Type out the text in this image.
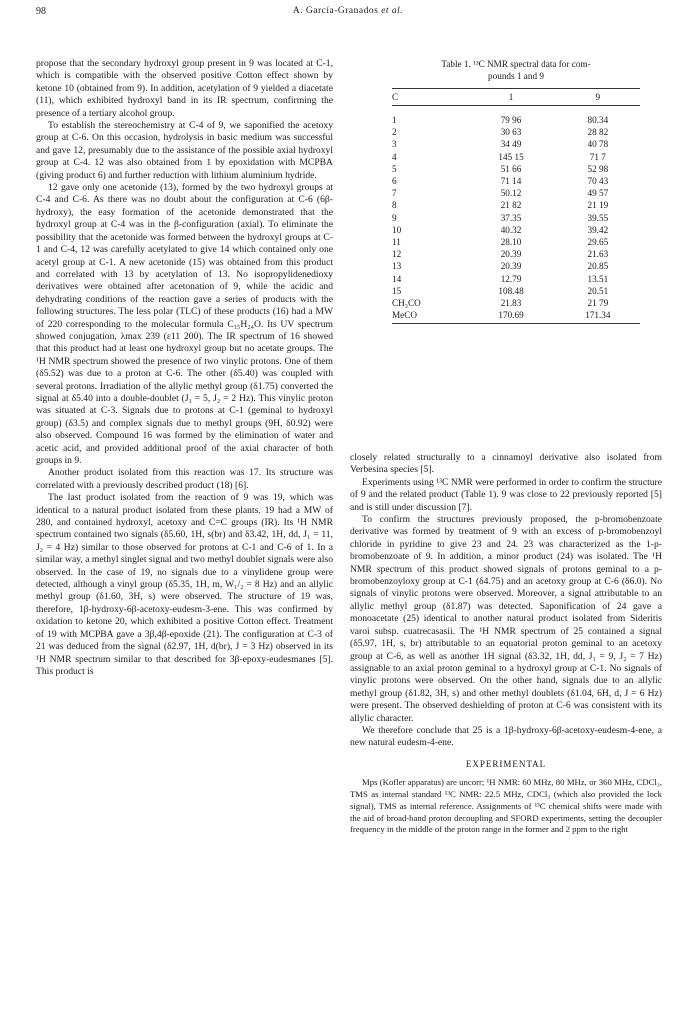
98	A. García-Granados et al.

propose that the secondary hydroxyl group present in 9 was located at C-1, which is compatible with the observed positive Cotton effect shown by ketone 10 (obtained from 9). In addition, acetylation of 9 yielded a diacetate (11), which exhibited hydroxyl band in its IR spectrum, confirming the presence of a tertiary alcohol group.

To establish the stereochemistry at C-4 of 9, we saponified the acetoxy group at C-6. On this occasion, hydrolysis in basic medium was successful and gave 12, presumably due to the assistance of the possible axial hydroxyl group at C-4. 12 was also obtained from 1 by epoxidation with MCPBA (giving product 6) and further reduction with lithium aluminium hydride.

12 gave only one acetonide (13), formed by the two hydroxyl groups at C-4 and C-6. As there was no doubt about the configuration at C-6 (6β-hydroxy), the easy formation of the acetonide demonstrated that the hydroxyl group at C-4 was in the β-configuration (axial). To eliminate the possibility that the acetonide was formed between the hydroxyl groups at C-1 and C-4, 12 was carefully acetylated to give 14 which contained only one acetyl group at C-1. A new acetonide (15) was obtained from this product and correlated with 13 by acetylation of 13. No isopropylidenedioxy derivatives were obtained after acetonation of 9, while the acidic and dehydrating conditions of the reaction gave a series of products with the following structures. The less polar (TLC) of these products (16) had a MW of 220 corresponding to the molecular formula C₁₅H₂₄O. Its UV spectrum showed conjugation, λmax 239 (ε11 200). The IR spectrum of 16 showed that this product had at least one hydroxyl group but no acetate groups. The ¹H NMR spectrum showed the presence of two vinylic protons. One of them (δ5.52) was due to a proton at C-6. The other (δ5.40) was coupled with several protons. Irradiation of the allylic methyl group (δ1.75) converted the signal at δ5.40 into a double-doublet (J₁ = 5, J₂ = 2 Hz). This vinylic proton was situated at C-3. Signals due to protons at C-1 (geminal to hydroxyl group) (δ3.5) and complex signals due to methyl groups (9H, δ0.92) were also observed. Compound 16 was formed by the elimination of water and acetic acid, and provided additional proof of the axial character of both groups in 9.

Another product isolated from this reaction was 17. Its structure was correlated with a previously described product (18) [6].

The last product isolated from the reaction of 9 was 19, which was identical to a natural product isolated from these plants. 19 had a MW of 280, and contained hydroxyl, acetoxy and C=C groups (IR). Its ¹H NMR spectrum contained two signals (δ5.60, 1H, s(br) and δ3.42, 1H, dd, J₁ = 11, J₂ = 4 Hz) similar to those observed for protons at C-1 and C-6 of 1. In a similar way, a methyl singlet signal and two methyl doublet signals were also observed. In the case of 19, no signals due to a vinylidene group were detected, although a vinyl group (δ5.35, 1H, m, W₁/₂ = 8 Hz) and an allylic methyl group (δ1.60, 3H, s) were observed. The structure of 19 was, therefore, 1β-hydroxy-6β-acetoxy-eudesm-3-ene. This was confirmed by oxidation to ketone 20, which exhibited a positive Cotton effect. Treatment of 19 with MCPBA gave a 3β,4β-epoxide (21). The configuration at C-3 of 21 was deduced from the signal (δ2.97, 1H, d(br), J = 3 Hz) observed in its ¹H NMR spectrum similar to that described for 3β-epoxy-eudesmanes [5]. This product is

Table 1. ¹³C NMR spectral data for com-
pounds 1 and 9
C	1	9
1	79 96	80.34
2	30 63	28 82
3	34 49	40 78
4	145 15	71 7
5	51 66	52 98
6	71 14	70 43
7	50.12	49 57
8	21 82	21 19
9	37.35	39.55
10	40.32	39.42
11	28.10	29.65
12	20.39	21.63
13	20.39	20.85
14	12.79	13.51
15	108.48	20.51
CH₃CO	21.83	21 79
MeCO	170.69	171.34

closely related structurally to a cinnamoyl derivative also isolated from Verbesina species [5].

Experiments using ¹³C NMR were performed in order to confirm the structure of 9 and the related product (Table 1). 9 was close to 22 previously reported [5] and is still under discussion [7].

To confirm the structures previously proposed, the p-bromobenzoate derivative was formed by treatment of 9 with an excess of p-bromobenzoyl chloride in pyridine to give 23 and 24. 23 was characterized as the 1-p-bromobenzoate of 9. In addition, a minor product (24) was isolated. The ¹H NMR spectrum of this product showed signals of protons geminal to a p-bromobenzoyloxy group at C-1 (δ4.75) and an acetoxy group at C-6 (δ6.0). No signals of vinylic protons were observed. Moreover, a signal attributable to an allylic methyl group (δ1.87) was detected. Saponification of 24 gave a monoacetate (25) identical to another natural product isolated from Sideritis varoi subsp. cuatrecasasii. The ¹H NMR spectrum of 25 contained a signal (δ5.97, 1H, s, br) attributable to an equatorial proton geminal to an acetoxy group at C-6, as well as another 1H signal (δ3.32, 1H, dd, J₁ = 9, J₂ = 7 Hz) assignable to an axial proton geminal to a hydroxyl group at C-1. No signals of vinylic protons were observed. On the other hand, signals due to an allylic methyl group (δ1.82, 3H, s) and other methyl doublets (δ1.04, 6H, d, J = 6 Hz) were present. The observed deshielding of proton at C-6 was consistent with its allylic character.

We therefore conclude that 25 is a 1β-hydroxy-6β-acetoxy-eudesm-4-ene, a new natural eudesm-4-ene.

EXPERIMENTAL

Mps (Kofler apparatus) are uncorr; ¹H NMR: 60 MHz, 80 MHz, or 360 MHz, CDCl₃, TMS as internal standard ¹³C NMR: 22.5 MHz, CDCl₃ (which also provided the lock signal), TMS as internal reference. Assignments of ¹³C chemical shifts were made with the aid of broad-band proton decoupling and SFORD experiments, setting the decoupler frequency in the middle of the proton range in the former and 2 ppm to the right
